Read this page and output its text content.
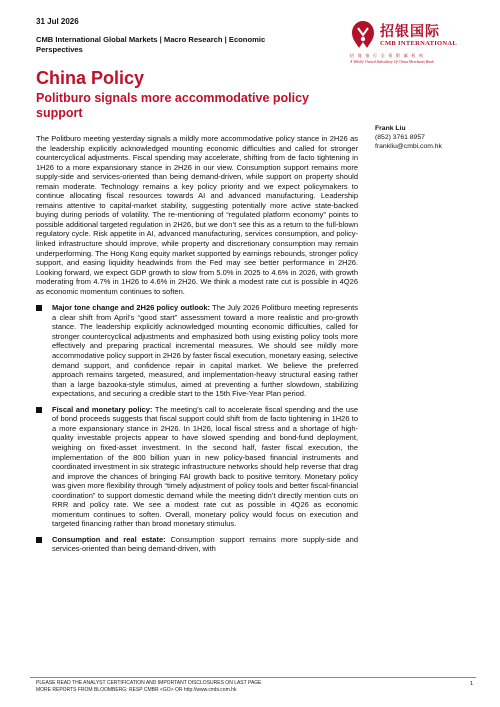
31 Jul 2026
CMB International Global Markets | Macro Research | Economic Perspectives
招银国际
CMB INTERNATIONAL
招 商 银 行 全 资 附 属 机 构
A Wholly Owned Subsidiary Of China Merchants Bank
China Policy
Politburo signals more accommodative policy support
Frank Liu
(852) 3761 8957
frankliu@cmbi.com.hk

The Politburo meeting yesterday signals a mildly more accommodative policy stance in 2H26 as the leadership explicitly acknowledged mounting economic difficulties and called for stronger countercyclical adjustments. Fiscal spending may accelerate, shifting from de facto tightening in 1H26 to a more expansionary stance in 2H26 in our view. Consumption support remains more supply-side and services-oriented than being demand-driven, while support on property should remain moderate. Technology remains a key policy priority and we expect policymakers to continue allocating fiscal resources towards AI and advanced manufacturing. Leadership remains attentive to capital-market stability, suggesting potentially more active state-backed buying during periods of volatility. The re-mentioning of “regulated platform economy” points to possible additional targeted regulation in 2H26, but we don’t see this as a return to the full-blown regulatory cycle. Risk appetite in AI, advanced manufacturing, services consumption, and policy-linked infrastructure should improve, while property and discretionary consumption may remain underperforming. The Hong Kong equity market supported by earnings rebounds, stronger policy support, and easing liquidity headwinds from the Fed may see better performance in 2H26. Looking forward, we expect GDP growth to slow from 5.0% in 2025 to 4.6% in 2026, with growth moderating from 4.7% in 1H26 to 4.6% in 2H26. We think a modest rate cut is possible in 4Q26 as economic momentum continues to soften.

Major tone change and 2H26 policy outlook: The July 2026 Politburo meeting represents a clear shift from April’s “good start” assessment toward a more realistic and pro-growth stance. The leadership explicitly acknowledged mounting economic difficulties, called for stronger countercyclical adjustments and emphasized both using existing policy tools more effectively and preparing practical incremental measures. We should see mildly more accommodative policy support in 2H26 by faster fiscal execution, monetary easing, selective demand support, and confidence repair in capital market. We believe the preferred approach remains targeted, measured, and implementation-heavy structural easing rather than a large bazooka-style stimulus, aimed at preventing a further slowdown, stabilizing expectations, and securing a credible start to the 15th Five-Year Plan period.
Fiscal and monetary policy: The meeting’s call to accelerate fiscal spending and the use of bond proceeds suggests that fiscal support could shift from de facto tightening in 1H26 to a more expansionary stance in 2H26. In 1H26, local fiscal stress and a shortage of high-quality investable projects appear to have slowed spending and bond-fund deployment, weighing on fixed-asset investment. In the second half, faster fiscal execution, the implementation of the 800 billion yuan in new policy-based financial instruments and coordinated investment in six strategic infrastructure networks should help reverse that drag and improve the chances of bringing FAI growth back to positive territory. Monetary policy was given more flexibility through “timely adjustment of policy tools and better fiscal-financial coordination” to support domestic demand while the meeting didn’t directly mention cuts on RRR and policy rate. We see a modest rate cut as possible in 4Q26 as economic momentum continues to soften. Overall, monetary policy would focus on execution and targeted financing rather than broad monetary stimulus.
Consumption and real estate: Consumption support remains more supply-side and services-oriented than being demand-driven, with
PLEASE READ THE ANALYST CERTIFICATION AND IMPORTANT DISCLOSURES ON LAST PAGE
MORE REPORTS FROM BLOOMBERG: RESP CMBR <GO> OR http://www.cmbi.com.hk
1
